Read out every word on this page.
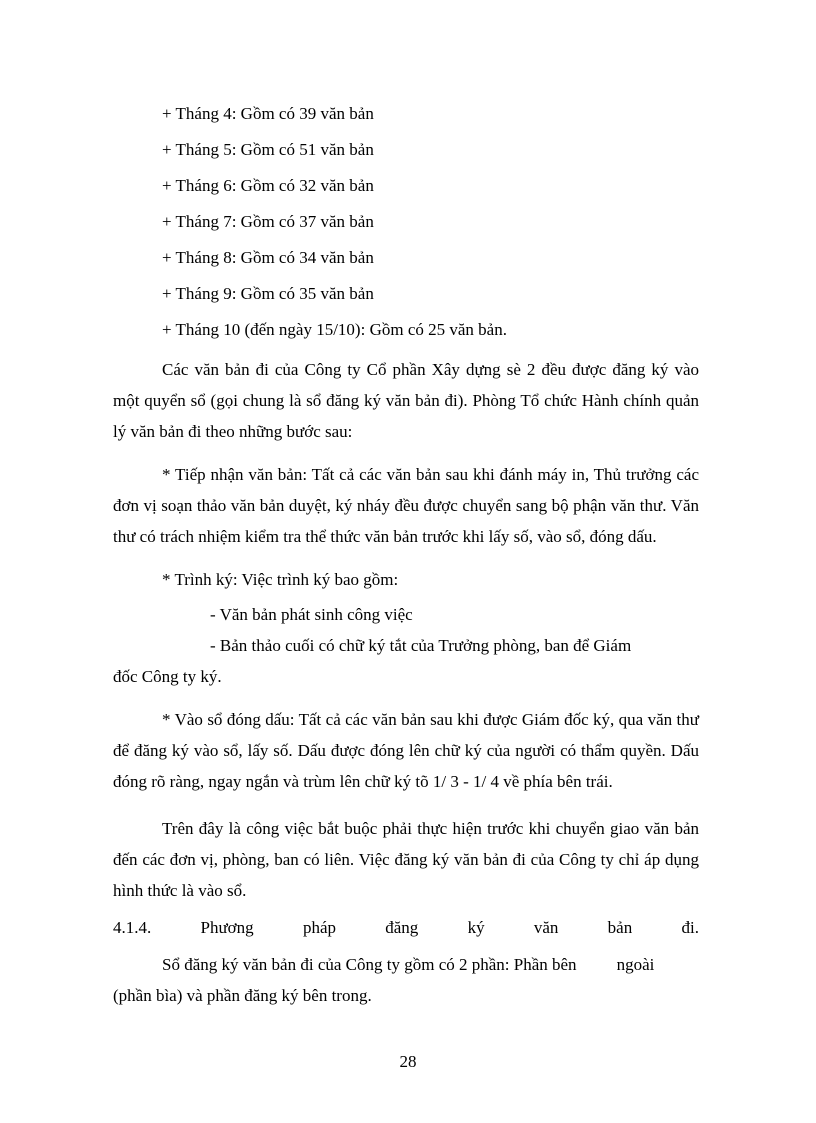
+ Tháng 4: Gồm có 39 văn bản
+ Tháng 5: Gồm có 51 văn bản
+ Tháng 6: Gồm có 32 văn bản
+ Tháng 7: Gồm có 37 văn bản
+ Tháng 8: Gồm có 34 văn bản
+ Tháng 9: Gồm có 35 văn bản
+ Tháng 10 (đến ngày 15/10): Gồm có 25 văn bản.

Các văn bản đi của Công ty Cổ phần Xây dựng sè 2 đều được đăng ký vào một quyển sổ (gọi chung là sổ đăng ký văn bản đi). Phòng Tổ chức Hành chính quản lý văn bản đi theo những bước sau:

* Tiếp nhận văn bản: Tất cả các văn bản sau khi đánh máy in, Thủ trưởng các đơn vị soạn thảo văn bản duyệt, ký nháy đều được chuyển sang bộ phận văn thư. Văn thư có trách nhiệm kiểm tra thể thức văn bản trước khi lấy số, vào sổ, đóng dấu.

* Trình ký: Việc trình ký bao gồm:

- Văn bản phát sinh công việc

- Bản thảo cuối có chữ ký tắt của Trưởng phòng, ban để Giám

đốc Công ty ký.

* Vào sổ đóng dấu: Tất cả các văn bản sau khi được Giám đốc ký, qua văn thư để đăng ký vào sổ, lấy số. Dấu được đóng lên chữ ký của người có thẩm quyền. Dấu đóng rõ ràng, ngay ngắn và trùm lên chữ ký tõ 1/ 3 - 1/ 4 về phía bên trái.

Trên đây là công việc bắt buộc phải thực hiện trước khi chuyển giao văn bản đến các đơn vị, phòng, ban có liên. Việc đăng ký văn bản đi của Công ty chỉ áp dụng hình thức là vào sổ.

4.1.4.	Phương	pháp	đăng	ký	văn	bản	đi.

Sổ đăng ký văn bản đi của Công ty gồm có 2 phần: Phần bên ngoài

(phần bìa) và phần đăng ký bên trong.

28
